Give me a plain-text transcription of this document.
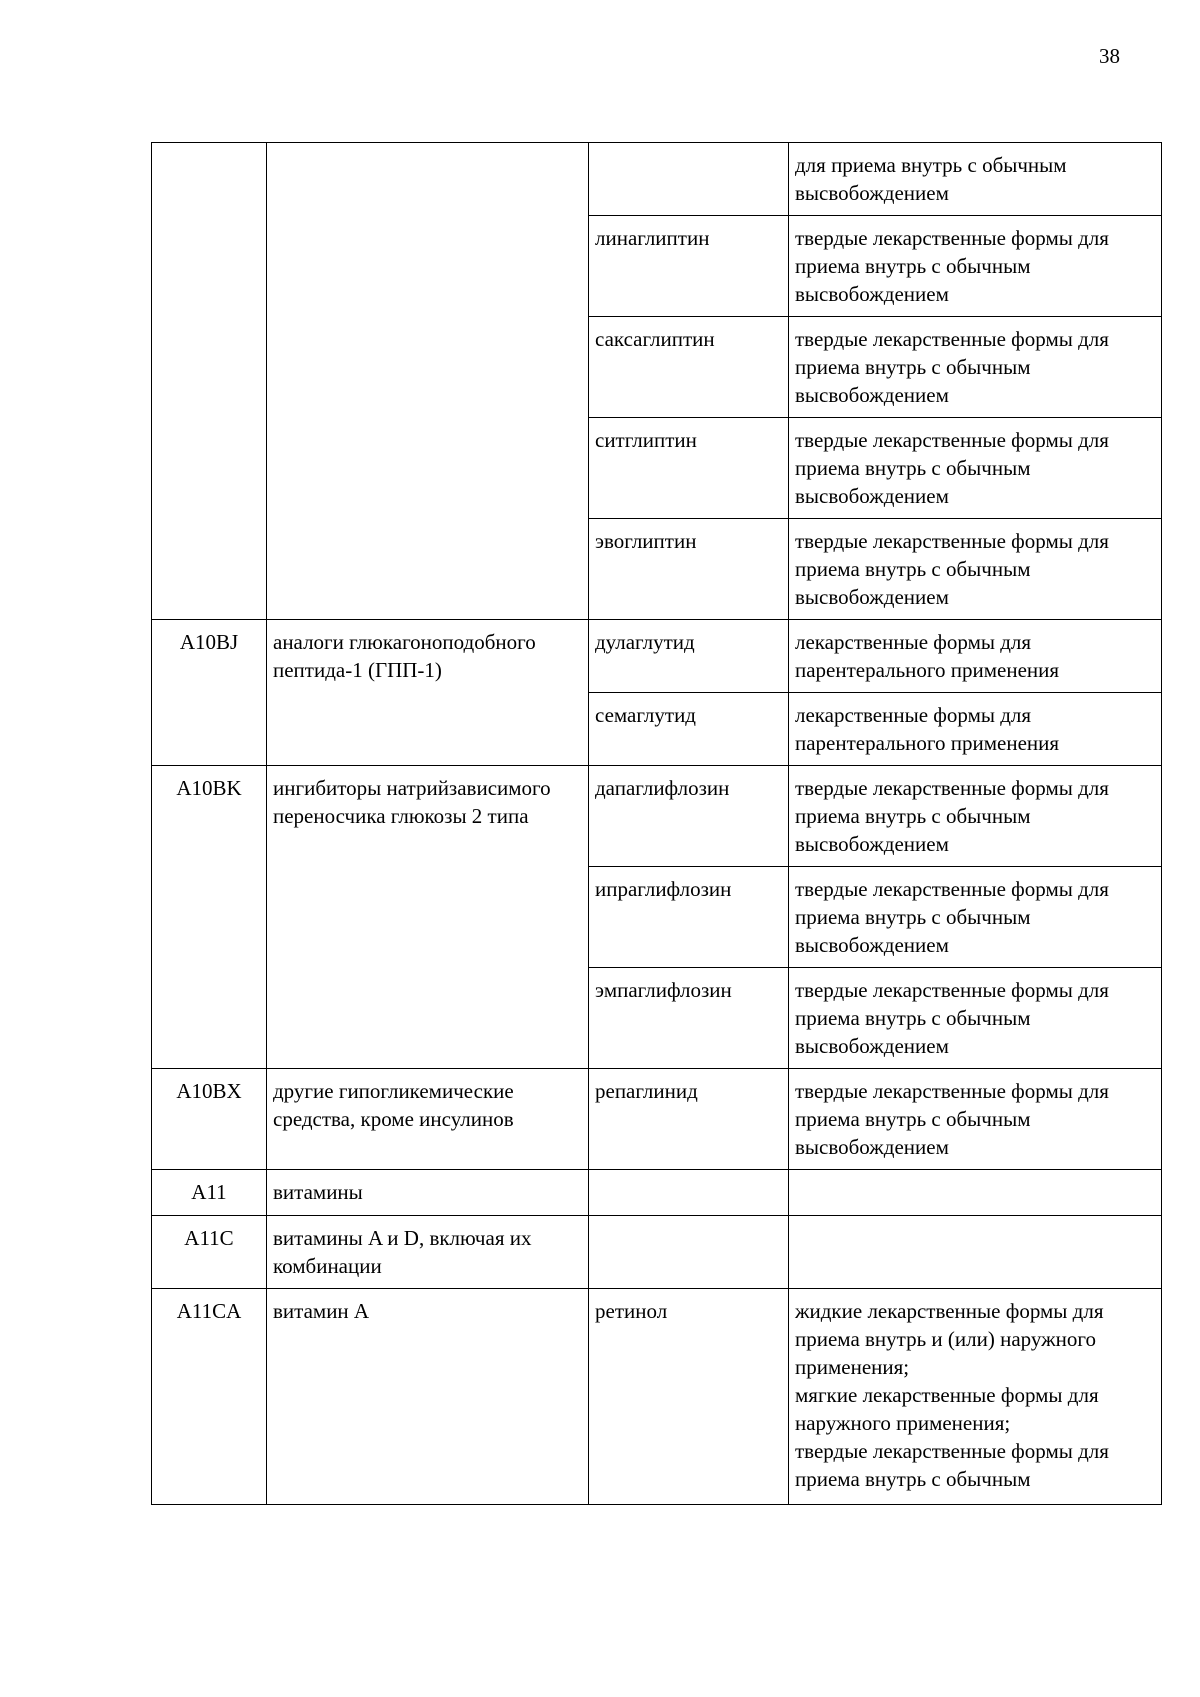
38

			для приема внутрь с обычным высвобождением

		линаглиптин	твердые лекарственные формы для приема внутрь с обычным высвобождением

		саксаглиптин	твердые лекарственные формы для приема внутрь с обычным высвобождением

		ситглиптин	твердые лекарственные формы для приема внутрь с обычным высвобождением

		эвоглиптин	твердые лекарственные формы для приема внутрь с обычным высвобождением

A10BJ	аналоги глюкагоноподобного пептида-1 (ГПП-1)	дулаглутид	лекарственные формы для парентерального применения

		семаглутид	лекарственные формы для парентерального применения

A10BK	ингибиторы натрийзависимого переносчика глюкозы 2 типа	дапаглифлозин	твердые лекарственные формы для приема внутрь с обычным высвобождением

		ипраглифлозин	твердые лекарственные формы для приема внутрь с обычным высвобождением

		эмпаглифлозин	твердые лекарственные формы для приема внутрь с обычным высвобождением

A10BX	другие гипогликемические средства, кроме инсулинов	репаглинид	твердые лекарственные формы для приема внутрь с обычным высвобождением

A11	витамины		

A11C	витамины A и D, включая их комбинации		

A11CA	витамин A	ретинол	жидкие лекарственные формы для приема внутрь и (или) наружного применения;
мягкие лекарственные формы для наружного применения;
твердые лекарственные формы для приема внутрь с обычным
